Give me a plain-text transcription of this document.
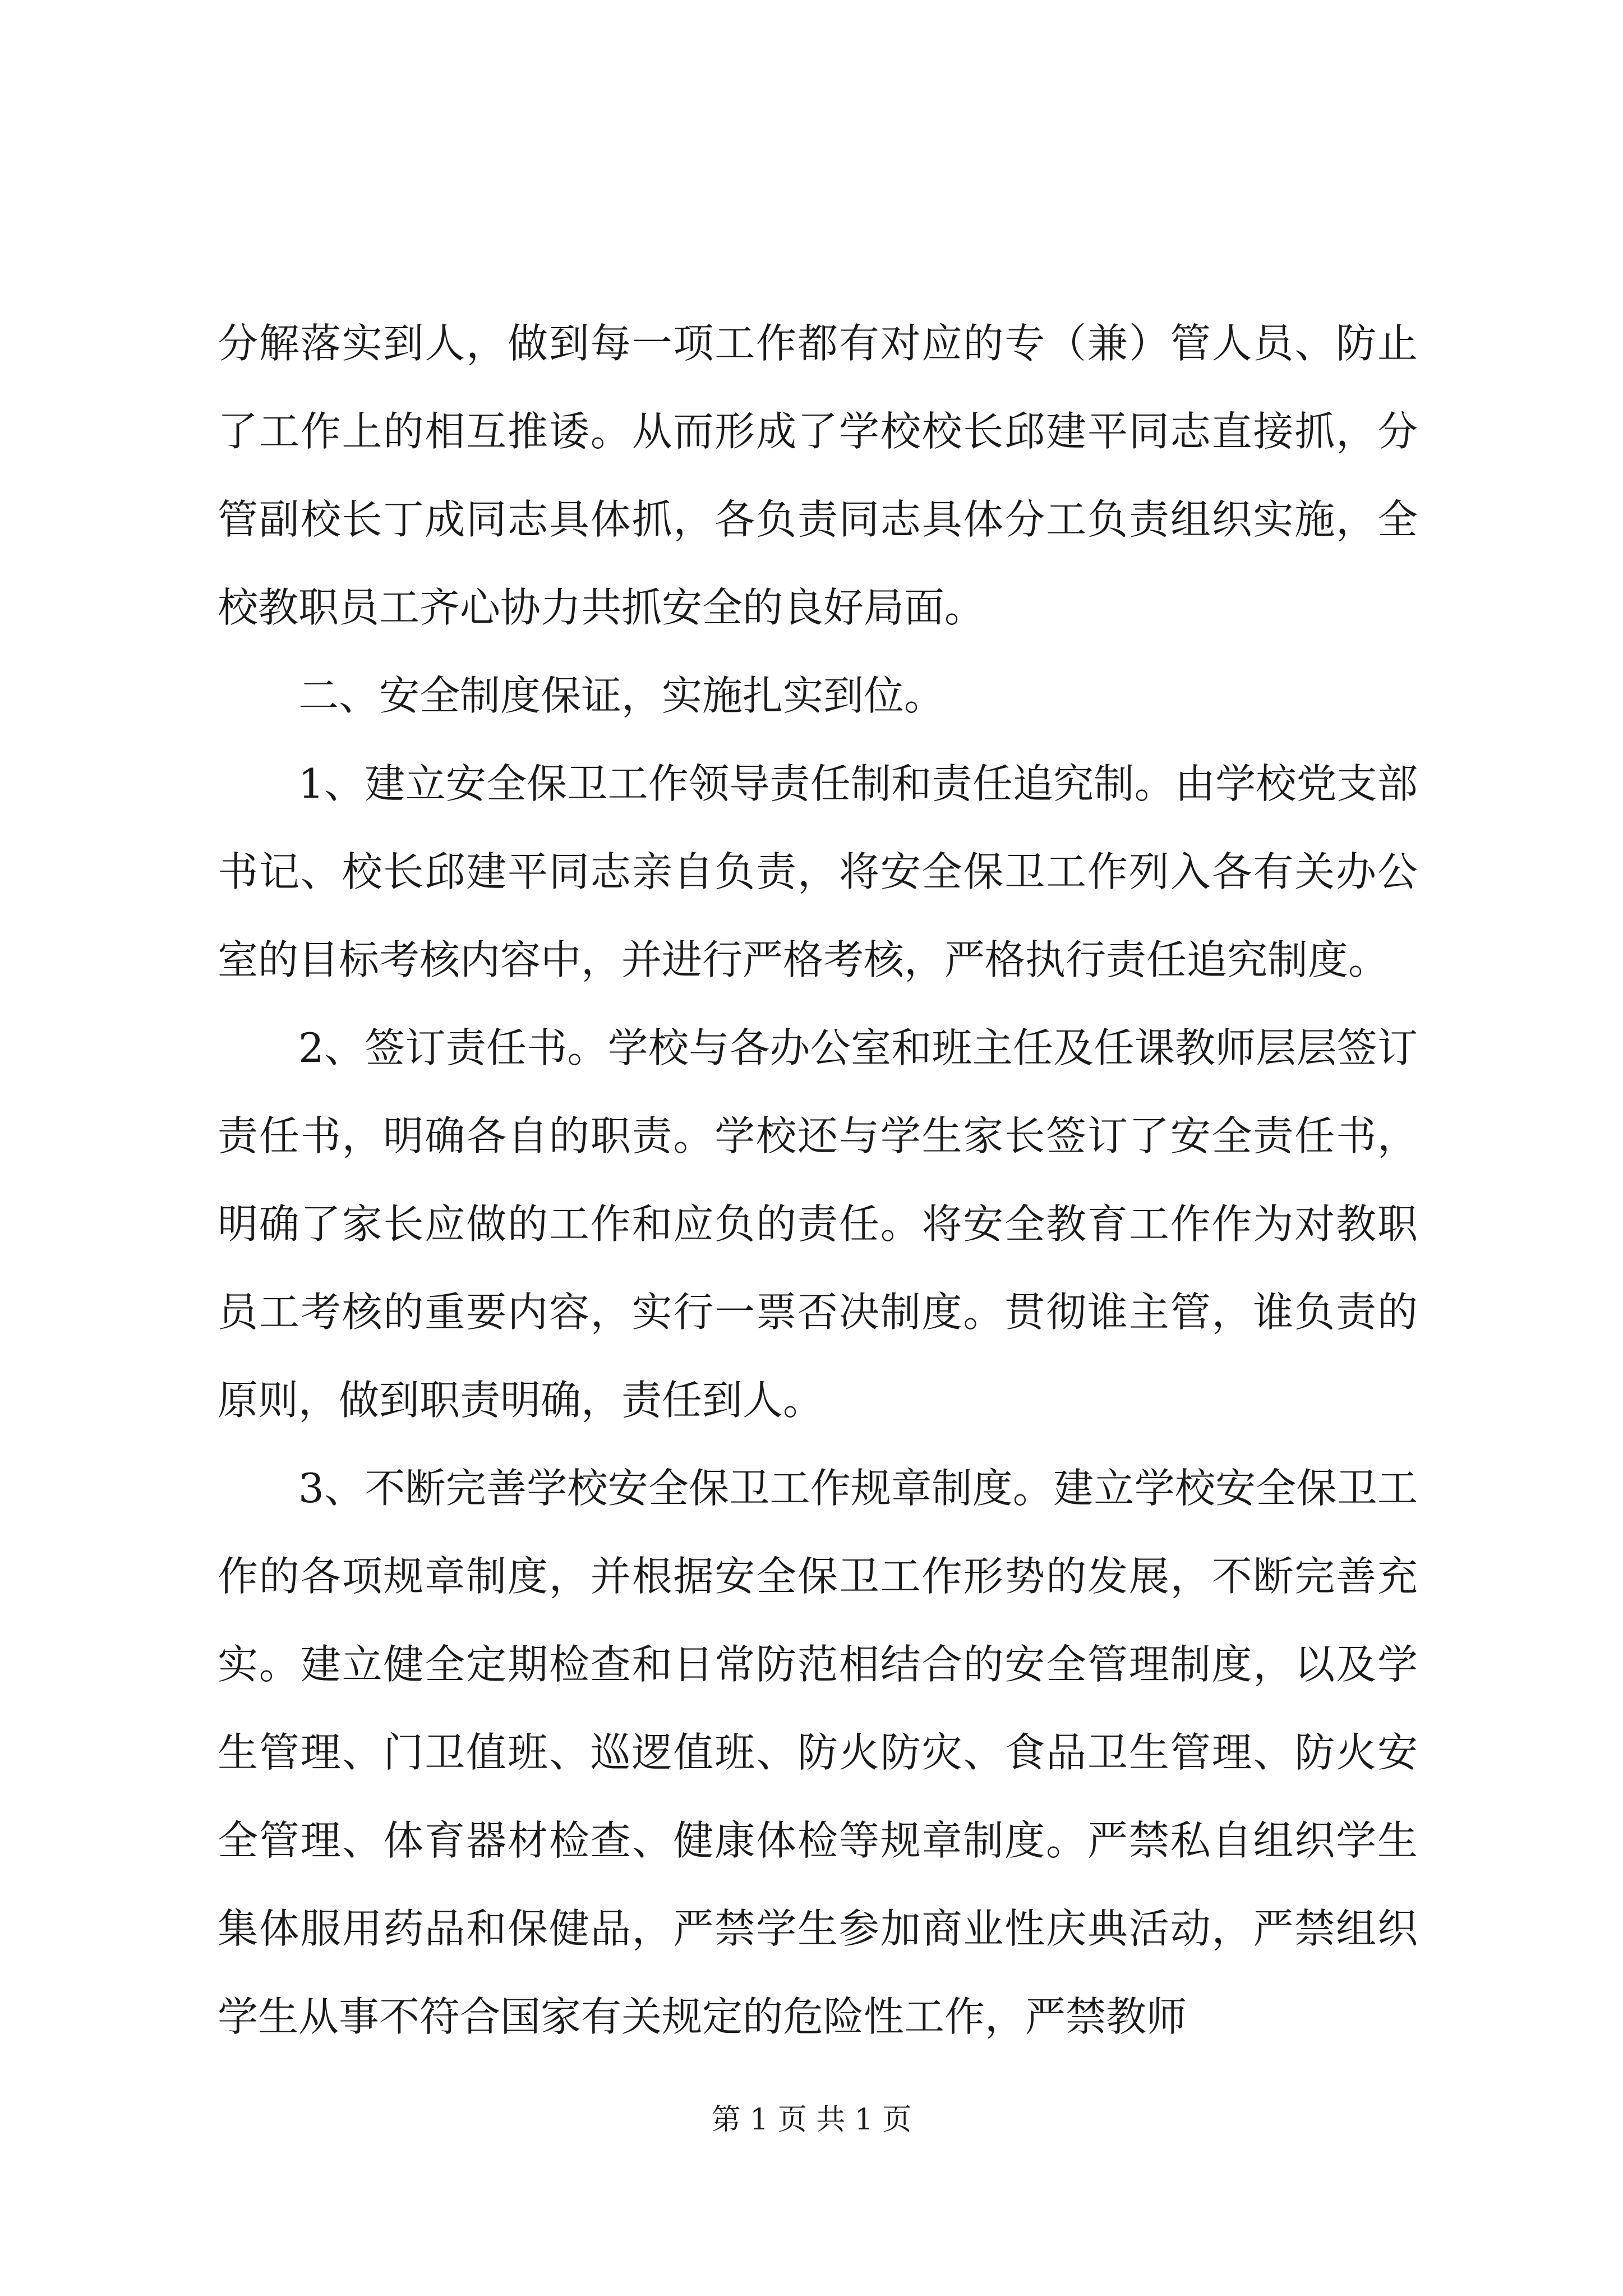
分解落实到人，做到每一项工作都有对应的专（兼）管人员、防止了工作上的相互推诿。从而形成了学校校长邱建平同志直接抓，分管副校长丁成同志具体抓，各负责同志具体分工负责组织实施，全校教职员工齐心协力共抓安全的良好局面。

二、安全制度保证，实施扎实到位。

1、建立安全保卫工作领导责任制和责任追究制。由学校党支部书记、校长邱建平同志亲自负责，将安全保卫工作列入各有关办公室的目标考核内容中，并进行严格考核，严格执行责任追究制度。

2、签订责任书。学校与各办公室和班主任及任课教师层层签订责任书，明确各自的职责。学校还与学生家长签订了安全责任书，明确了家长应做的工作和应负的责任。将安全教育工作作为对教职员工考核的重要内容，实行一票否决制度。贯彻谁主管，谁负责的原则，做到职责明确，责任到人。

3、不断完善学校安全保卫工作规章制度。建立学校安全保卫工作的各项规章制度，并根据安全保卫工作形势的发展，不断完善充实。建立健全定期检查和日常防范相结合的安全管理制度，以及学生管理、门卫值班、巡逻值班、防火防灾、食品卫生管理、防火安全管理、体育器材检查、健康体检等规章制度。严禁私自组织学生集体服用药品和保健品，严禁学生参加商业性庆典活动，严禁组织学生从事不符合国家有关规定的危险性工作，严禁教师

第 1 页 共 1 页
